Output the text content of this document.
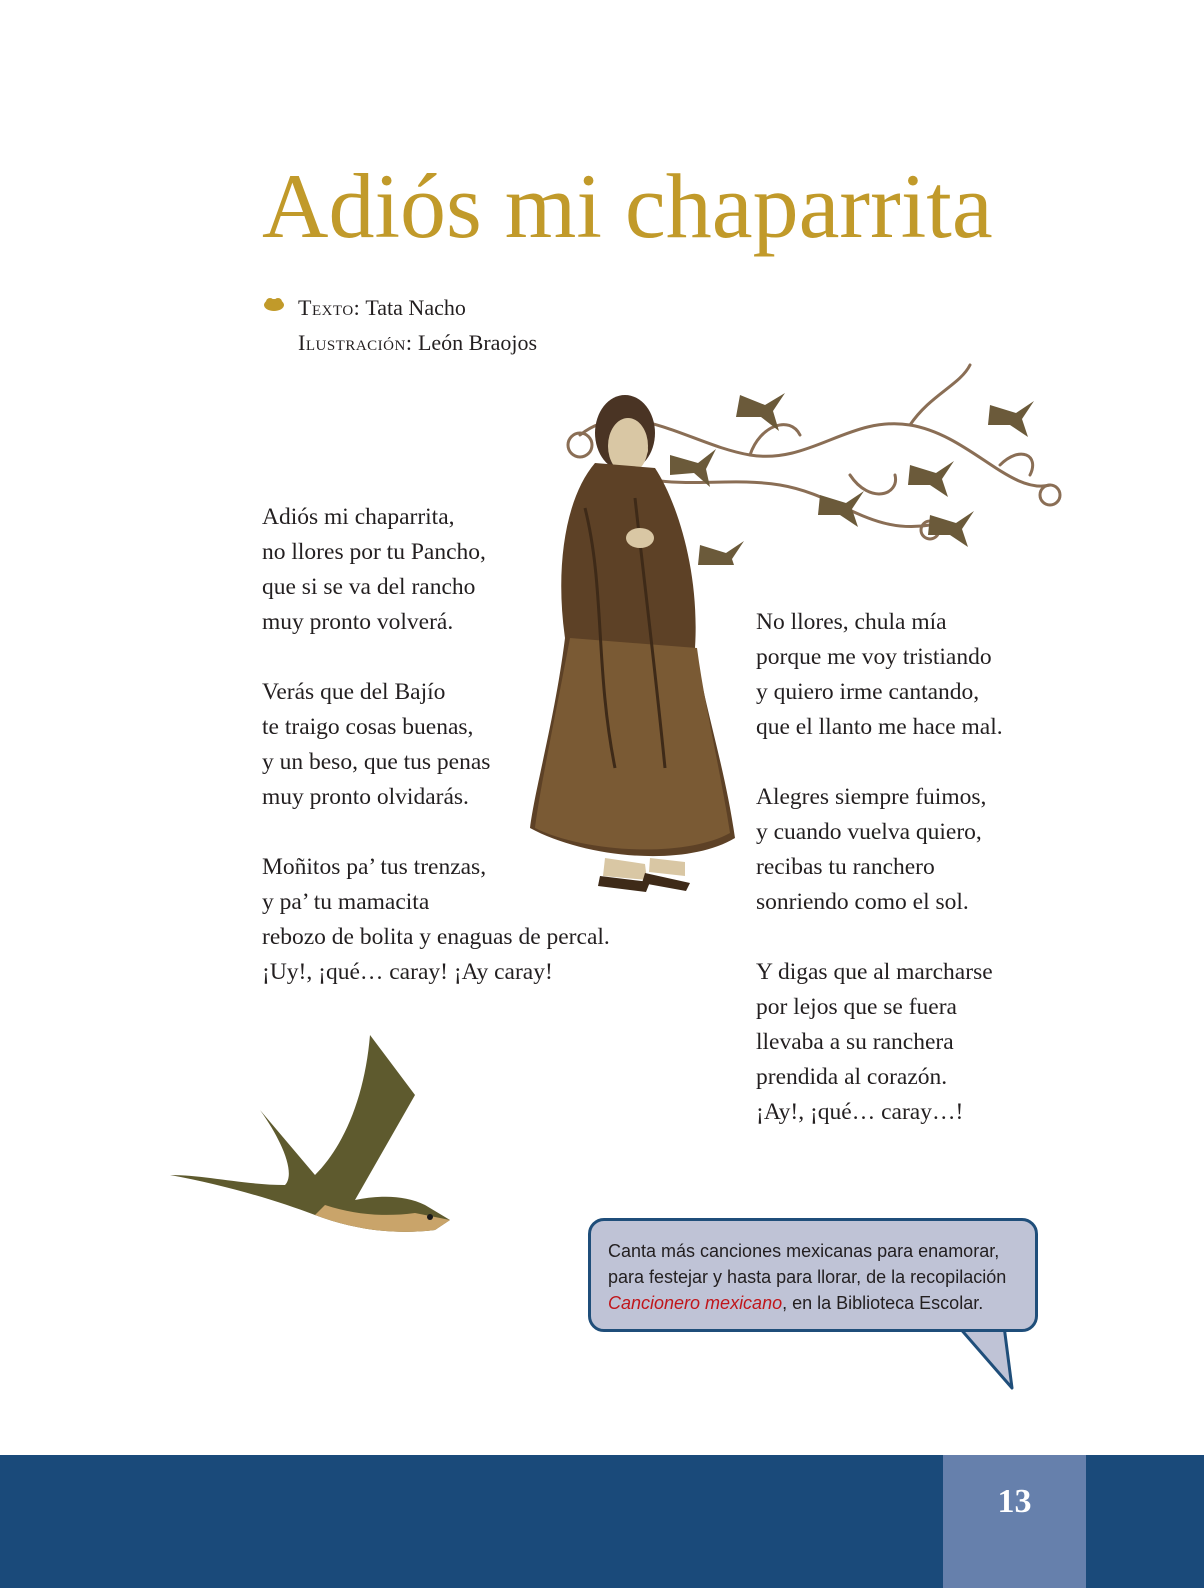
Adiós mi chaparrita
Texto: Tata Nacho
Ilustración: León Braojos
Adiós mi chaparrita,
no llores por tu Pancho,
que si se va del rancho
muy pronto volverá.
Verás que del Bajío
te traigo cosas buenas,
y un beso, que tus penas
muy pronto olvidarás.
Moñitos pa’ tus trenzas,
y pa’ tu mamacita
rebozo de bolita y enaguas de percal.
¡Uy!, ¡qué… caray! ¡Ay caray!
No llores, chula mía
porque me voy tristiando
y quiero irme cantando,
que el llanto me hace mal.
Alegres siempre fuimos,
y cuando vuelva quiero,
recibas tu ranchero
sonriendo como el sol.
Y digas que al marcharse
por lejos que se fuera
llevaba a su ranchera
prendida al corazón.
¡Ay!, ¡qué… caray…!
Canta más canciones mexicanas para enamorar, para festejar y hasta para llorar, de la recopilación Cancionero mexicano, en la Biblioteca Escolar.
13
